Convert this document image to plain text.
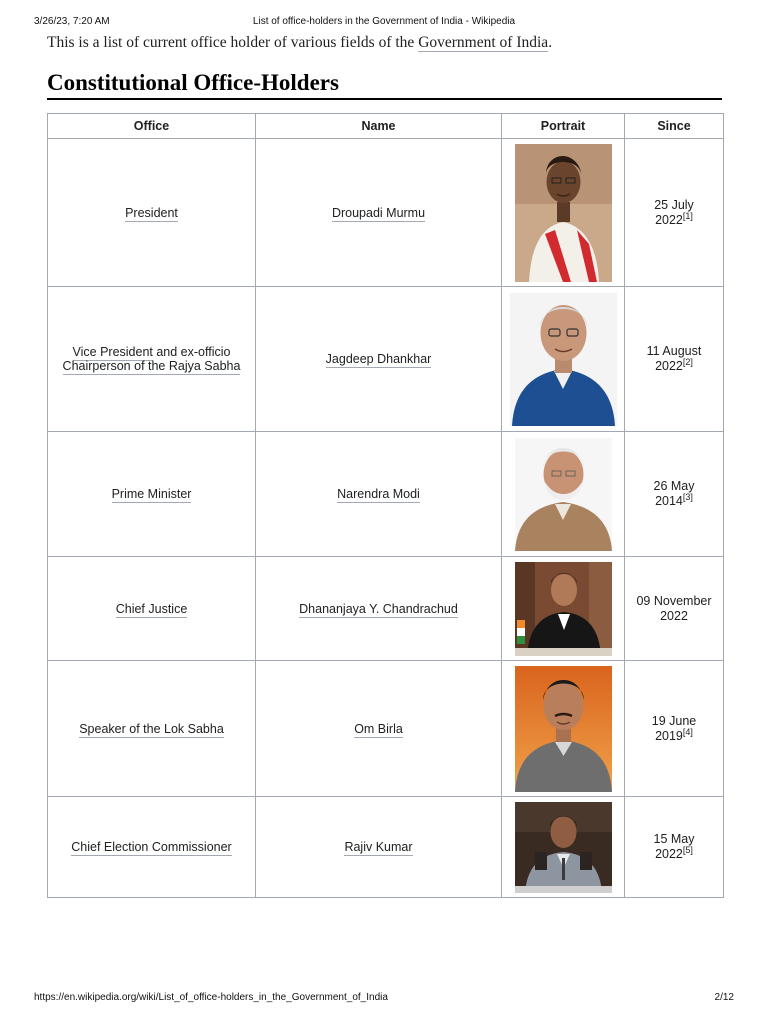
3/26/23, 7:20 AM	List of office-holders in the Government of India - Wikipedia
This is a list of current office holder of various fields of the Government of India.
Constitutional Office-Holders
Office	Name	Portrait	Since
President	Droupadi Murmu		25 July
2022[1]

Vice President and ex-officio
Chairperson of the Rajya Sabha	Jagdeep Dhankhar		11 August
2022[2]

Prime Minister	Narendra Modi		26 May
2014[3]

Chief Justice	Dhananjaya Y. Chandrachud		09 November
2022

Speaker of the Lok Sabha	Om Birla		19 June
2019[4]

Chief Election Commissioner	Rajiv Kumar		15 May
2022[5]
https://en.wikipedia.org/wiki/List_of_office-holders_in_the_Government_of_India	2/12
